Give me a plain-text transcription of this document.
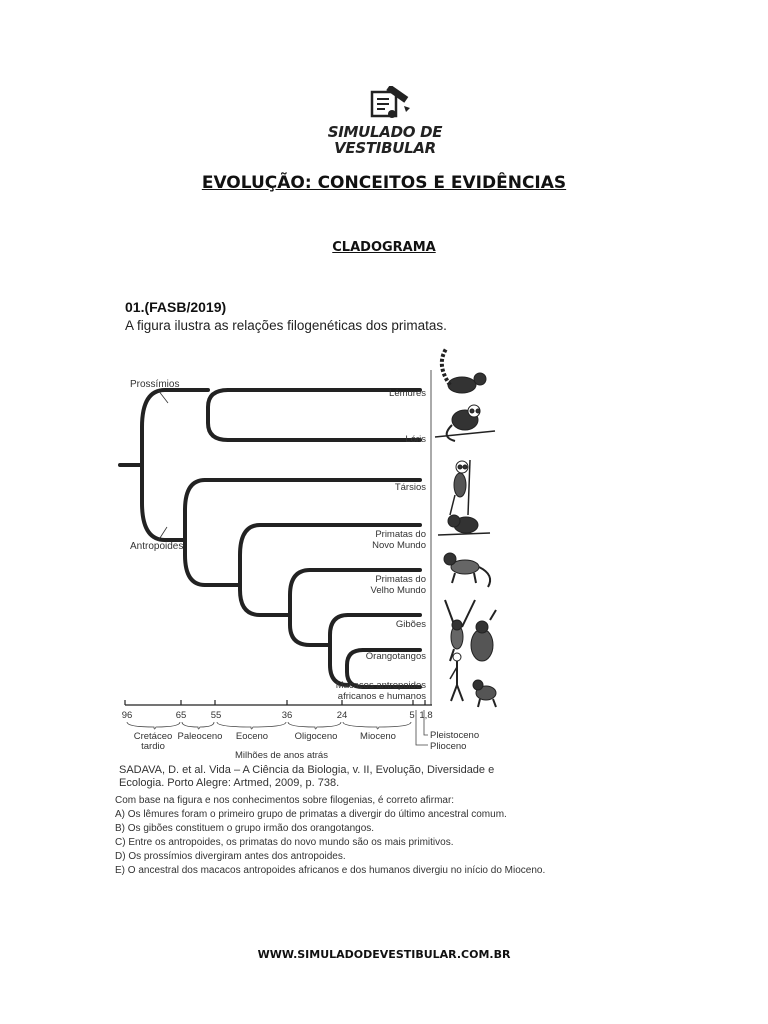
SIMULADO DE
VESTIBULAR
EVOLUÇÃO: CONCEITOS E EVIDÊNCIAS
CLADOGRAMA
01.(FASB/2019)
A figura ilustra as relações filogenéticas dos primatas.
Prossímios
Antropoides
Lêmures
Lóris
Társios
Primatas do
Novo Mundo
Primatas do
Velho Mundo
Gibões
Orangotangos
Macacos antropoides
africanos e humanos
96	65	55	36	24	5 1,8
Cretáceo
tardio
Paleoceno Eoceno	Oligoceno Mioceno	Pleistoceno
Plioceno
Milhões de anos atrás
SADAVA, D. et al. Vida – A Ciência da Biologia, v. II, Evolução, Diversidade e
Ecologia. Porto Alegre: Artmed, 2009, p. 738.
Com base na figura e nos conhecimentos sobre filogenias, é correto afirmar:
A) Os lêmures foram o primeiro grupo de primatas a divergir do último ancestral comum.
B) Os gibões constituem o grupo irmão dos orangotangos.
C) Entre os antropoides, os primatas do novo mundo são os mais primitivos.
D) Os prossímios divergiram antes dos antropoides.
E) O ancestral dos macacos antropoides africanos e dos humanos divergiu no início do Mioceno.
WWW.SIMULADODEVESTIBULAR.COM.BR
